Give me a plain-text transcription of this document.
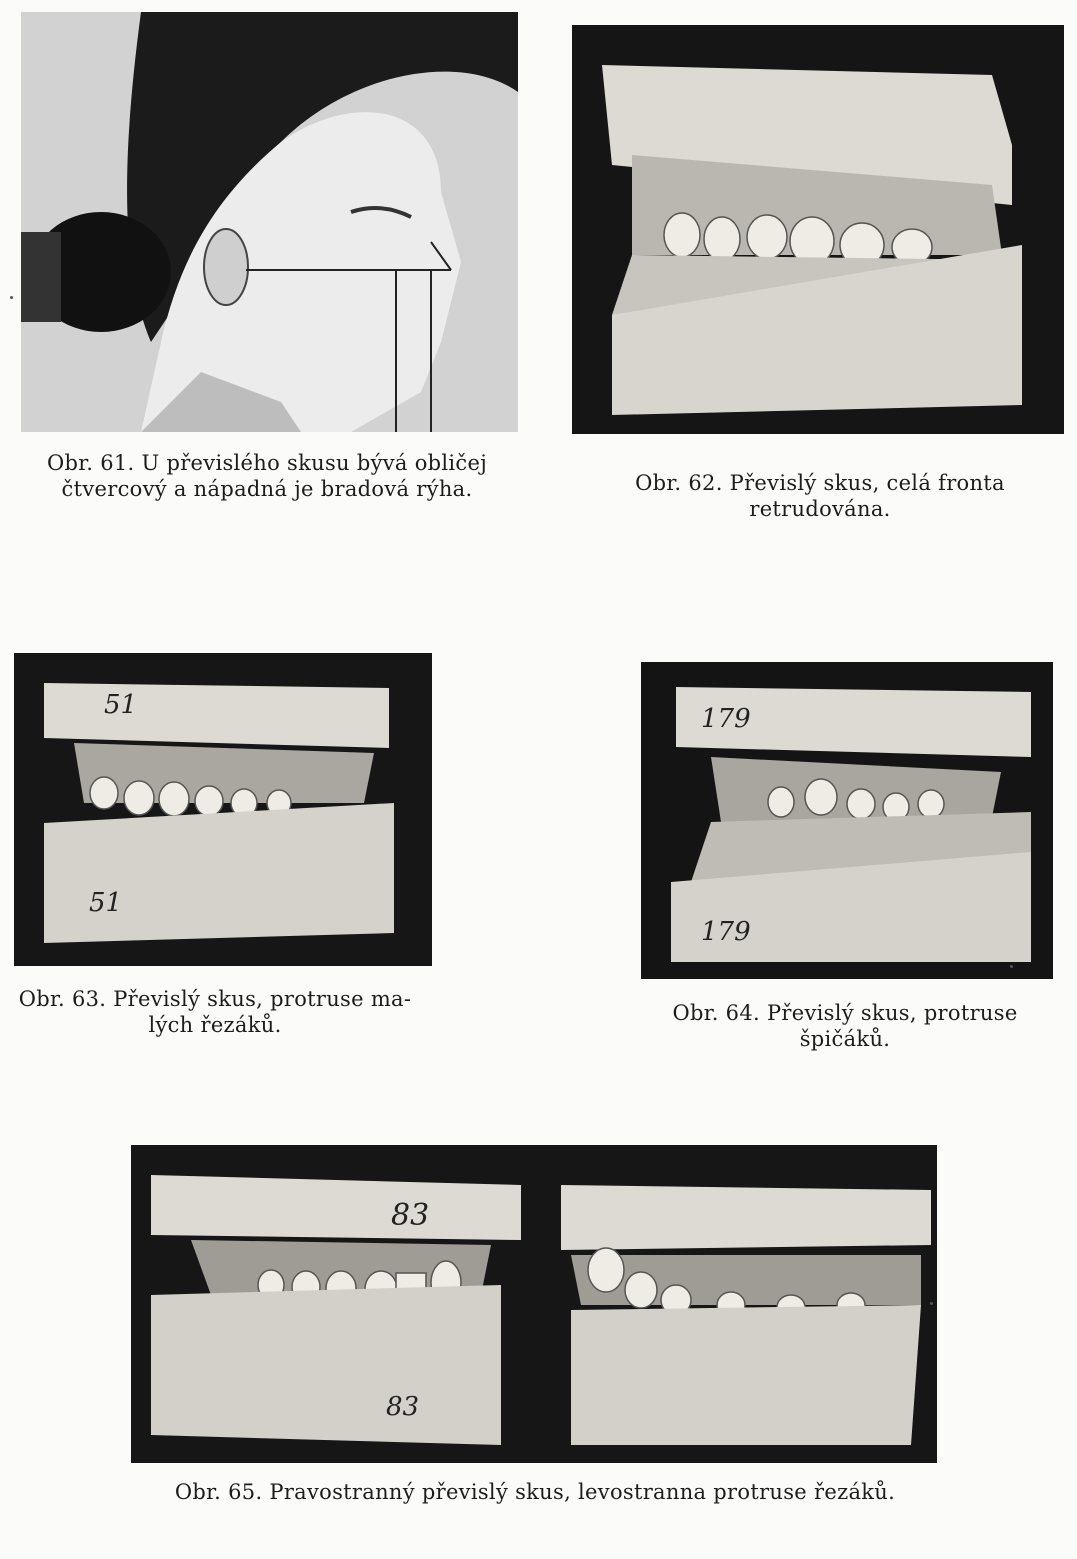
Obr. 61. U převislého skusu bývá obličej
čtvercový a nápadná je bradová rýha.	Obr. 62. Převislý skus, celá fronta
retrudována.
51
51
Obr. 63. Převislý skus, protruse ma-
lých řezáků.
179
179
Obr. 64. Převislý skus, protruse
špičáků.
83
83
Obr. 65. Pravostranný převislý skus, levostranna protruse řezáků.
